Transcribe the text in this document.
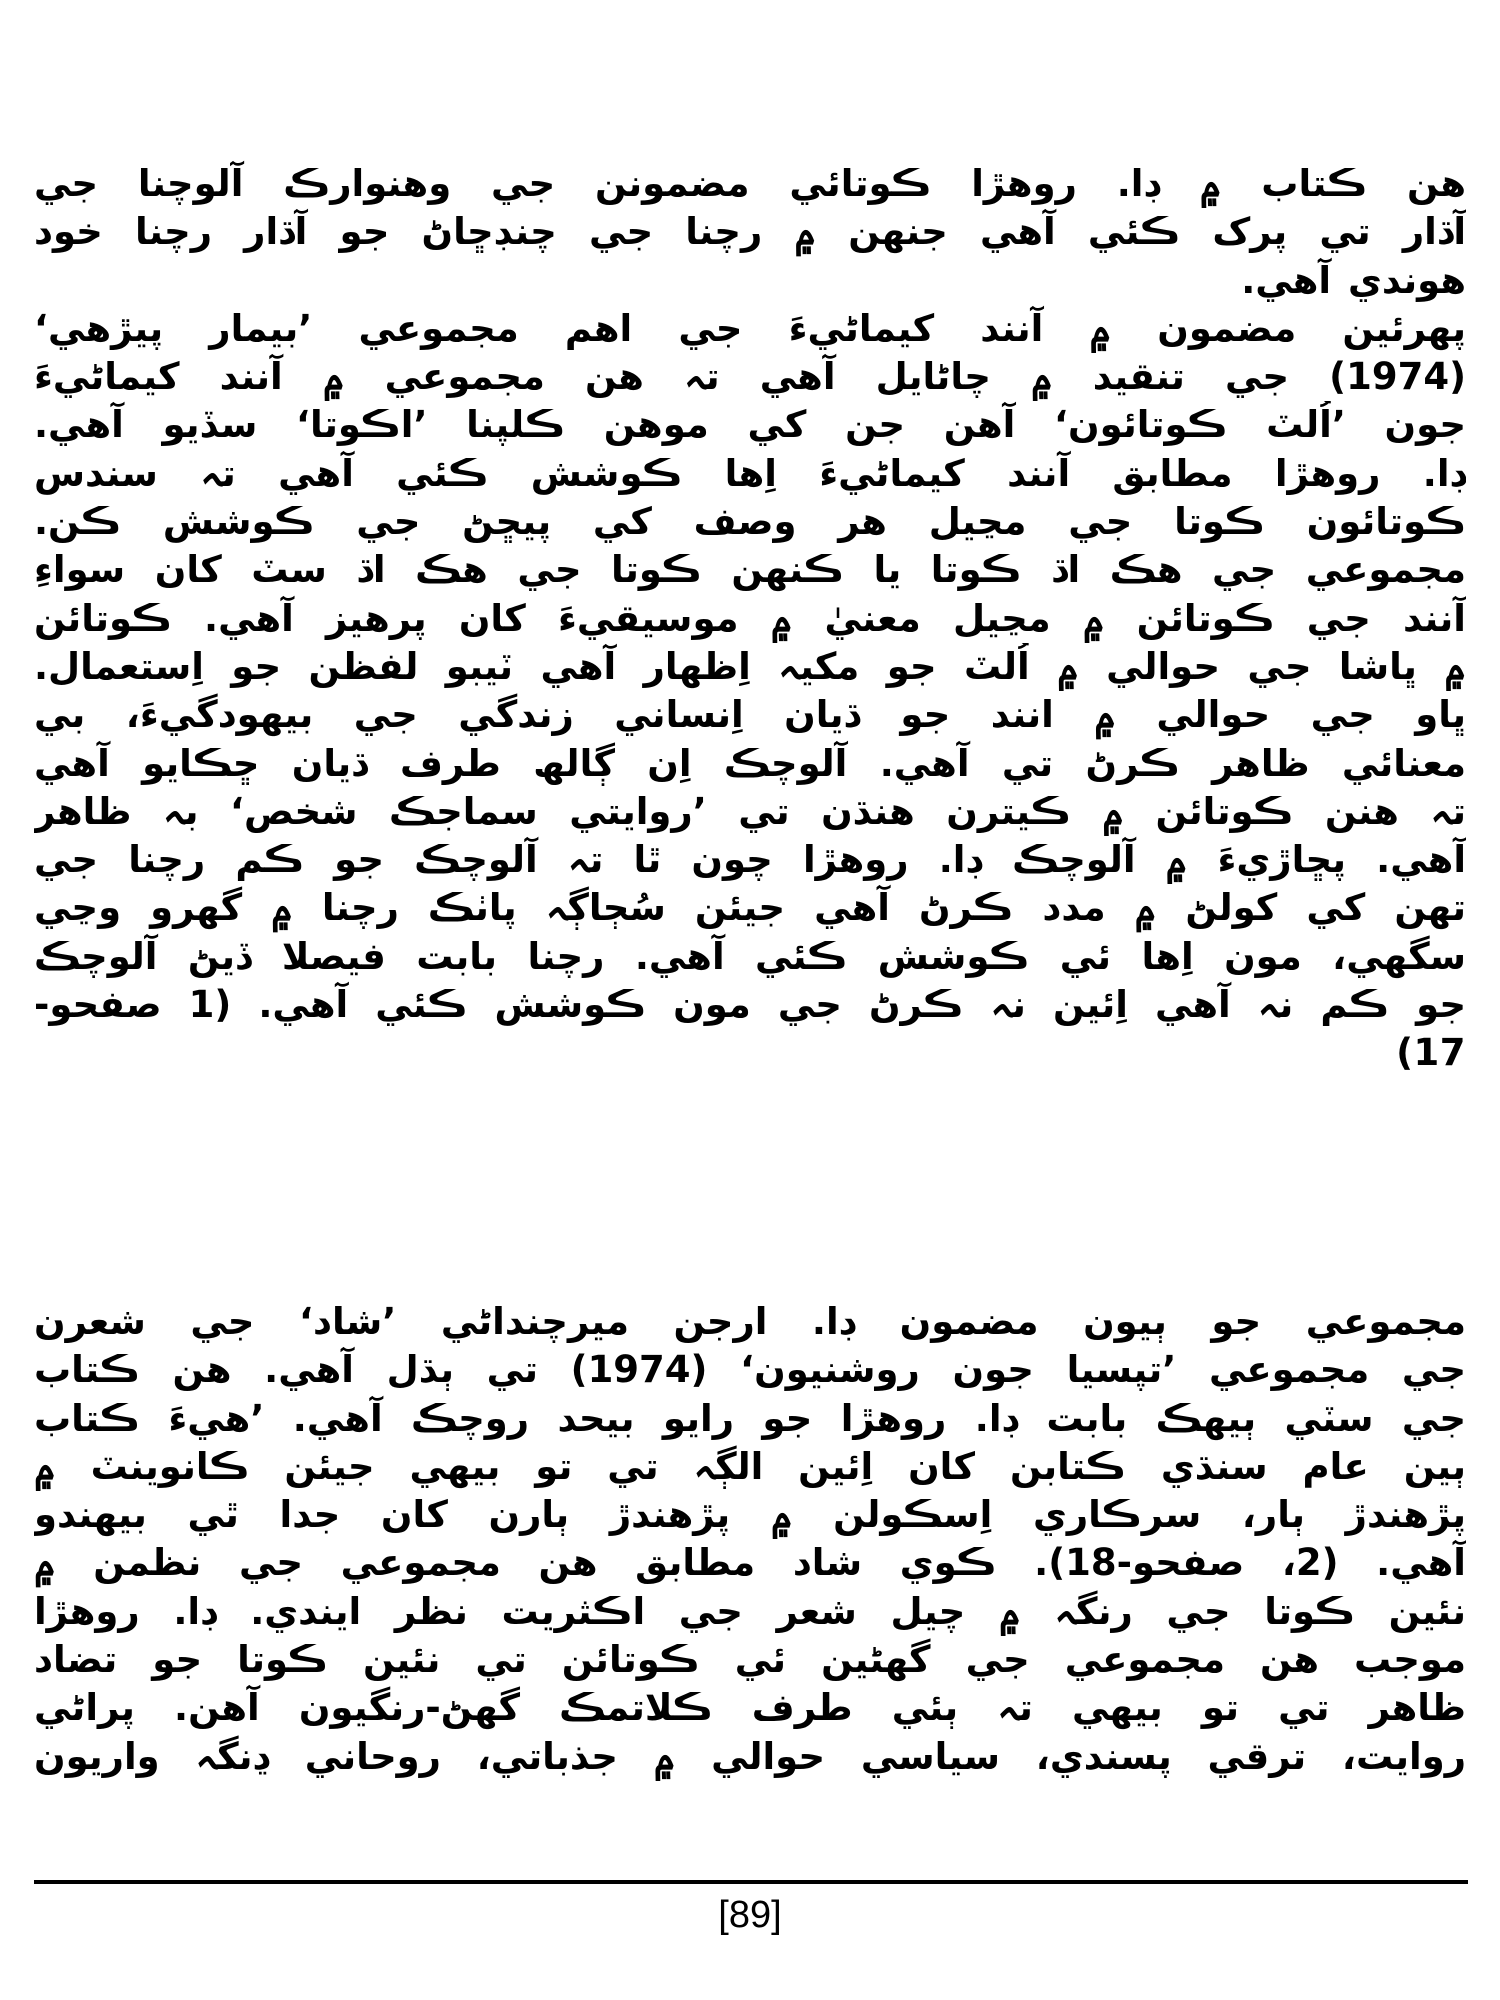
ھن ڪتاب ۾ ڊا. روھڙا ڪوتائي مضمونن جي وھنوارڪ آلوچنا جي
آڌار تي پرک ڪئي آھي جنھن ۾ رچنا جي چنڊڇاڻ جو آڌار رچنا خود
ھوندي آھي.
پھرئين مضمون ۾ آنند کيماڻيءَ جي اھم مجموعي ’بيمار پيڙھي‘
(1974) جي تنقيد ۾ چاڻايل آھي تہ ھن مجموعي ۾ آنند کيماڻيءَ
جون ’اُلٽ ڪوتائون‘ آھن جن کي موھن ڪلپنا ’اڪوتا‘ سڏيو آھي.
ڊا. روھڙا مطابق آنند کيماڻيءَ اِھا ڪوشش ڪئي آھي تہ سندس
ڪوتائون ڪوتا جي مڃيل ھر وصف کي پيڇڻ جي ڪوشش ڪن.
مجموعي جي ھڪ اڌ ڪوتا يا ڪنھن ڪوتا جي ھڪ اڌ سٽ کان سواءِ
آنند جي ڪوتائن ۾ مڃيل معنيٰ ۾ موسيقيءَ کان پرھيز آھي. ڪوتائن
۾ ڀاشا جي حوالي ۾ اُلٽ جو مکيہ اِظھار آھي ٽيبو لفظن جو اِستعمال.
ڀاو جي حوالي ۾ انند جو ڌيان اِنساني زندگي جي بيھودگيءَ، بي
معنائي ظاھر ڪرڻ تي آھي. آلوچڪ اِن ڳالھ طرف ڌيان ڇڪايو آھي
تہ ھنن ڪوتائن ۾ ڪيترن ھنڌن تي ’روايتي سماجڪ شخص‘ بہ ظاھر
آھي. پڇاڙيءَ ۾ آلوچڪ ڊا. روھڙا چون ٿا تہ آلوچڪ جو ڪم رچنا جي
تھن کي کولڻ ۾ مدد ڪرڻ آھي جيئن سُڄاڳہ پاٺڪ رچنا ۾ گھرو وڃي
سگھي، مون اِھا ئي ڪوشش ڪئي آھي. رچنا بابت فيصلا ڏيڻ آلوچڪ
جو ڪم نہ آھي اِئين نہ ڪرڻ جي مون ڪوشش ڪئي آھي. (1 صفحو-
17)
مجموعي جو ٻيون مضمون ڊا. ارجن ميرچنداڻي ’شاد‘ جي شعرن
جي مجموعي ’تپسيا جون روشنيون‘ (1974) تي ٻڌل آھي. ھن ڪتاب
جي سٽي ٻيھڪ بابت ڊا. روھڙا جو رايو بيحد روچڪ آھي. ’ھيءَ ڪتاب
ٻين عام سنڌي ڪتابن کان اِئين الڳہ تي تو بيھي جيئن ڪانوينٽ ۾
پڙھندڙ ٻار، سرڪاري اِسڪولن ۾ پڙھندڙ ٻارن کان جدا ٿي بيھندو
آھي. (2، صفحو-18). ڪوي شاد مطابق ھن مجموعي جي نظمن ۾
نئين ڪوتا جي رنگہ ۾ چيل شعر جي اڪثريت نظر ايندي. ڊا. روھڙا
موجب ھن مجموعي جي گھڻين ئي ڪوتائن تي نئين ڪوتا جو تضاد
ظاھر تي تو بيھي تہ ٻئي طرف ڪلاتمڪ گھڻ-رنگيون آھن. پراڻي
روايت، ترقي پسندي، سياسي حوالي ۾ جذباتي، روحاني ڍنگہ واريون
[89]
